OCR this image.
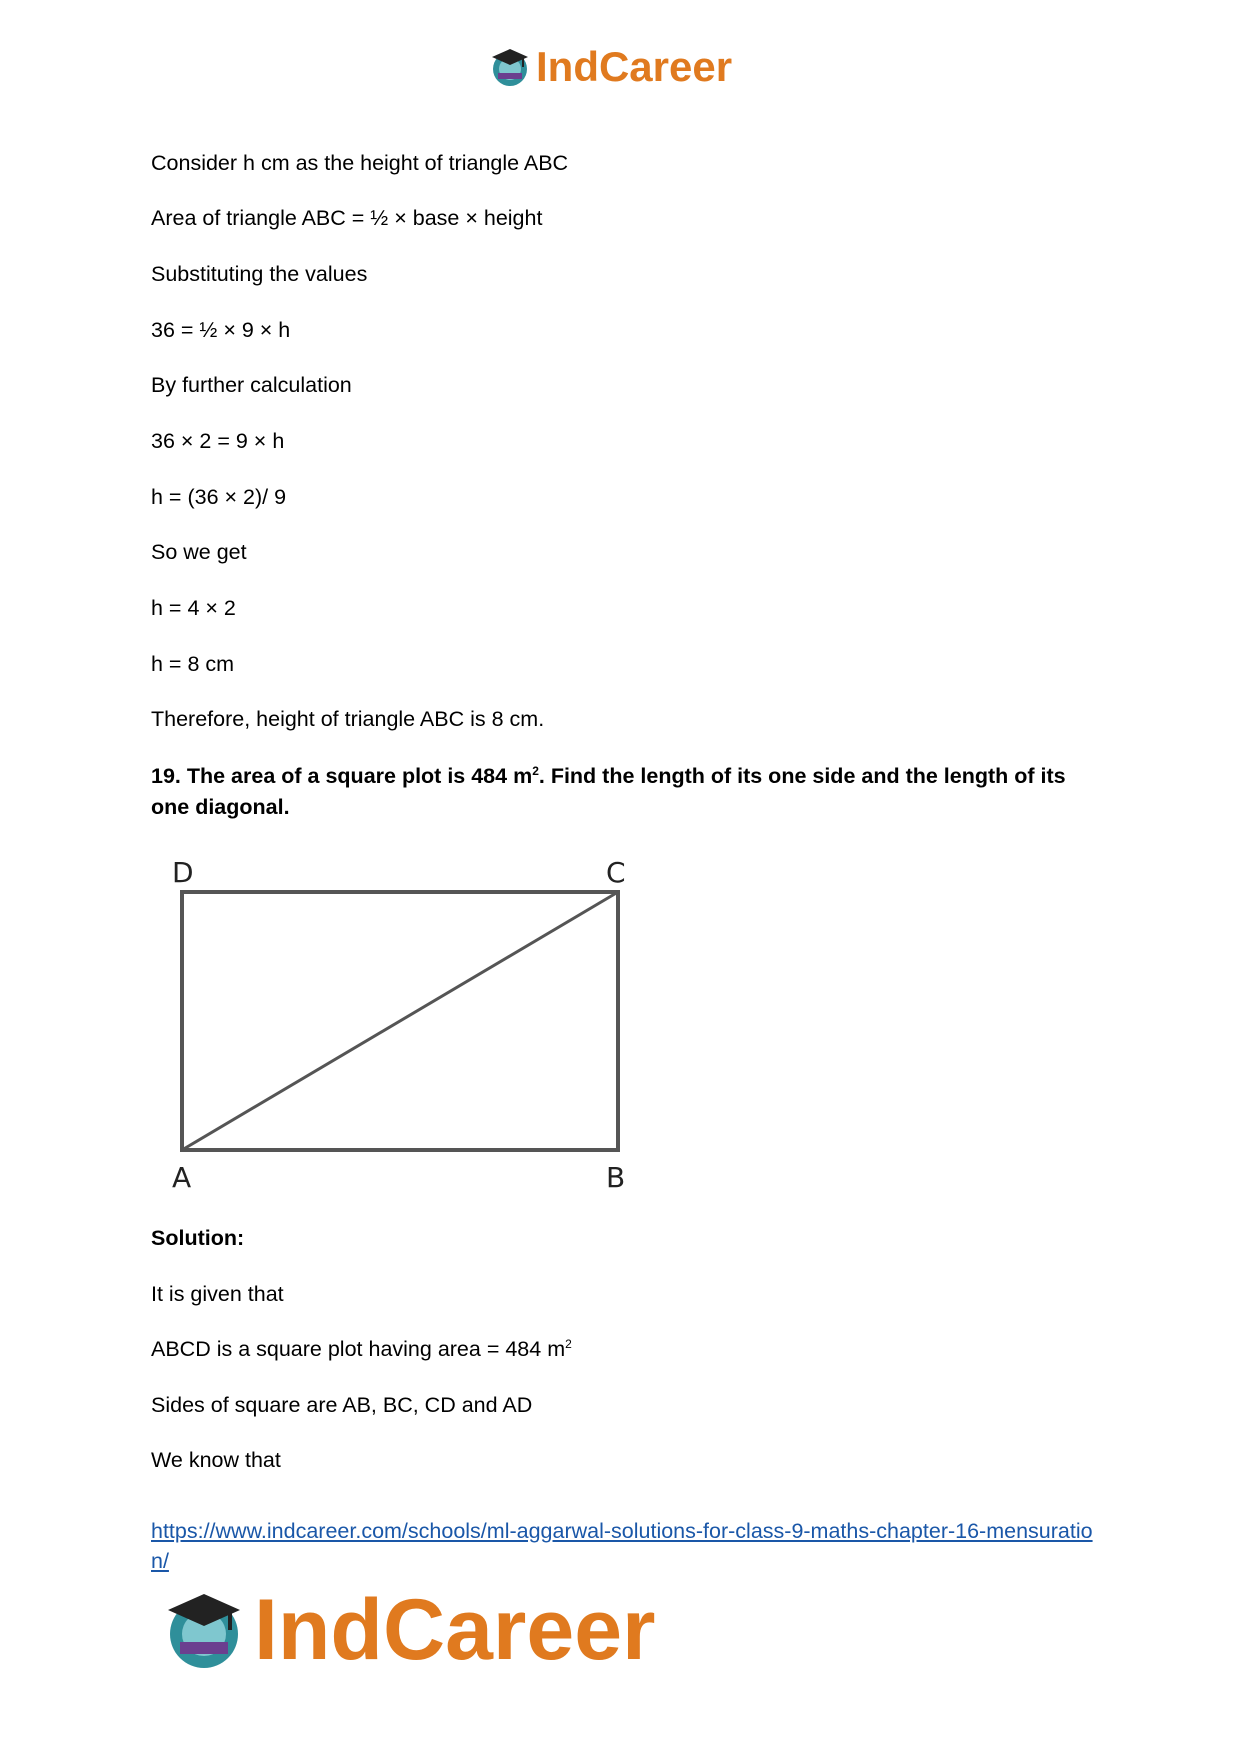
IndCareer
Consider h cm as the height of triangle ABC
Area of triangle ABC = ½ × base × height
Substituting the values
36 = ½ × 9 × h
By further calculation
36 × 2 = 9 × h
h = (36 × 2)/ 9
So we get
h = 4 × 2
h = 8 cm
Therefore, height of triangle ABC is 8 cm.
19. The area of a square plot is 484 $m^2$. Find the length of its one side and the length of its one diagonal.
D	C
A	B
Solution:
It is given that
ABCD is a square plot having area = 484 $m^2$
Sides of square are AB, BC, CD and AD
We know that
https://www.indcareer.com/schools/ml-aggarwal-solutions-for-class-9-maths-chapter-16-mensuration/
IndCareer
